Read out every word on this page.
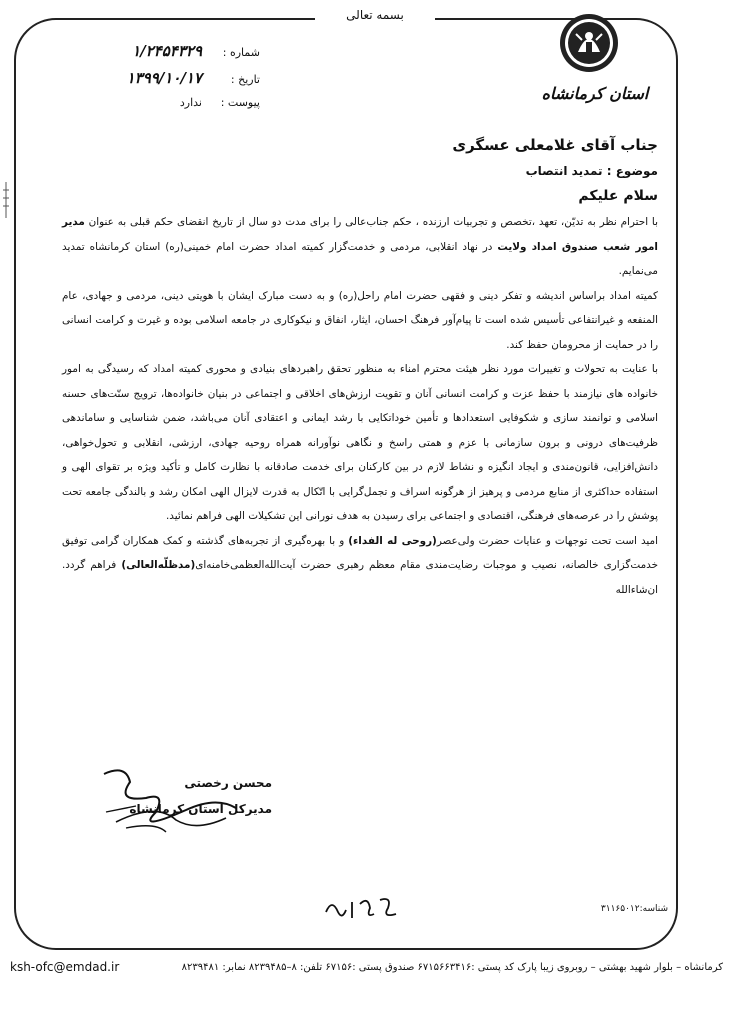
بسمه تعالی
استان کرمانشاه
شماره :
۱/۲۴۵۴۳۲۹
تاریخ :
۱۳۹۹/۱۰/۱۷
پیوست :
ندارد
جناب آقای غلامعلی عسگری
موضوع : تمدید انتصاب
سلام علیکم

با احترام نظر به تدیّن، تعهد ،تخصص و تجربیات ارزنده ، حکم جناب‌عالی را برای مدت دو سال از تاریخ انقضای حکم قبلی به عنوان مدیر امور شعب صندوق امداد ولایت در نهاد انقلابی، مردمی و خدمت‌گزار کمیته امداد حضرت امام خمینی(ره) استان کرمانشاه تمدید می‌نمایم.

کمیته امداد براساس اندیشه و تفکر دینی و فقهی حضرت امام راحل(ره) و به دست مبارک ایشان با هویتی دینی، مردمی و جهادی، عام المنفعه و غیرانتفاعی تأسیس شده است تا پیام‌آور فرهنگ احسان، ایثار، انفاق و نیکوکاری در جامعه اسلامی بوده و غیرت و کرامت انسانی را در حمایت از محرومان حفظ کند.

با عنایت به تحولات و تغییرات مورد نظر هیئت محترم امناء به منظور تحقق راهبردهای بنیادی و محوری کمیته امداد که رسیدگی به امور خانواده های نیازمند با حفظ عزت و کرامت انسانی آنان و تقویت ارزش‌های اخلاقی و اجتماعی در بنیان خانواده‌ها، ترویج سنّت‌های حسنه اسلامی و توانمند سازی و شکوفایی استعدادها و تأمین خوداتکایی با رشد ایمانی و اعتقادی آنان می‌باشد، ضمن شناسایی و ساماندهی ظرفیت‌های درونی و برون سازمانی با عزم و همتی راسخ و نگاهی نوآورانه همراه روحیه جهادی، ارزشی، انقلابی و تحول‌خواهی، دانش‌افزایی، قانون‌مندی و ایجاد انگیزه و نشاط لازم در بین کارکنان برای خدمت صادقانه با نظارت کامل و تأکید ویژه بر تقوای الهی و استفاده حداکثری از منابع مردمی و پرهیز از هرگونه اسراف و تجمل‌گرایی با اتّکال به قدرت لایزال الهی امکان رشد و بالندگی جامعه تحت پوشش را در عرصه‌های فرهنگی، اقتصادی و اجتماعی برای رسیدن به هدف نورانی این تشکیلات الهی فراهم نمائید.

امید است تحت توجهات و عنایات حضرت ولی‌عصر(روحی له الفداء) و با بهره‌گیری از تجربه‌های گذشته و کمک همکاران گرامی توفیق خدمت‌گزاری خالصانه، نصیب و موجبات رضایت‌مندی مقام معظم رهبری حضرت آیت‌الله‌العظمی‌خامنه‌ای(مدظلّه‌العالی) فراهم گردد. ان‌شاءالله

محسن رخصتی
مدیرکل استان کرمانشاه
شناسه:۳۱۱۶۵۰۱۲
ksh-ofc@emdad.ir	کرمانشاه – بلوار شهید بهشتی – روبروی زیبا پارک کد پستی :۶۷۱۵۶۶۳۴۱۶ صندوق پستی :۶۷۱۵۶ تلفن: ۸–۸۲۳۹۴۸۵ نمابر: ۸۲۳۹۴۸۱
